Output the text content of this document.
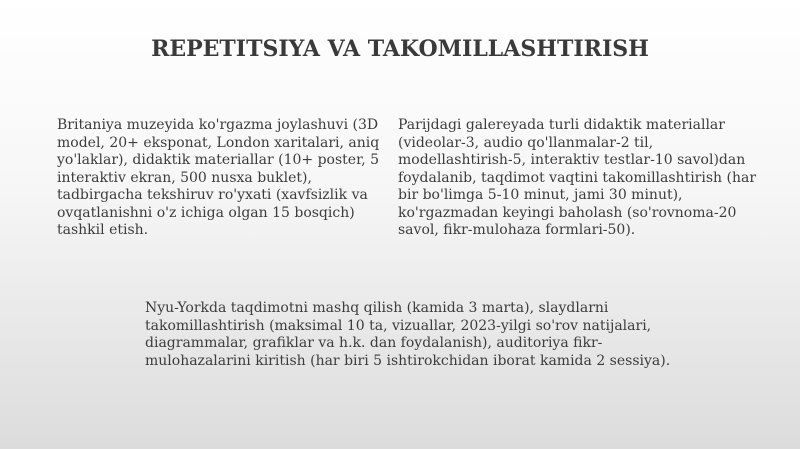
REPETITSIYA VA TAKOMILLASHTIRISH

Britaniya muzeyida ko'rgazma joylashuvi (3D model, 20+ eksponat, London xaritalari, aniq yo'laklar), didaktik materiallar (10+ poster, 5 interaktiv ekran, 500 nusxa buklet), tadbirgacha tekshiruv ro'yxati (xavfsizlik va ovqatlanishni o'z ichiga olgan 15 bosqich) tashkil etish.

Parijdagi galereyada turli didaktik materiallar (videolar-3, audio qo'llanmalar-2 til, modellashtirish-5, interaktiv testlar-10 savol)dan foydalanib, taqdimot vaqtini takomillashtirish (har bir bo'limga 5-10 minut, jami 30 minut), ko'rgazmadan keyingi baholash (so'rovnoma-20 savol, fikr-mulohaza formlari-50).

Nyu-Yorkda taqdimotni mashq qilish (kamida 3 marta), slaydlarni takomillashtirish (maksimal 10 ta, vizuallar, 2023-yilgi so'rov natijalari, diagrammalar, grafiklar va h.k. dan foydalanish), auditoriya fikr-mulohazalarini kiritish (har biri 5 ishtirokchidan iborat kamida 2 sessiya).
